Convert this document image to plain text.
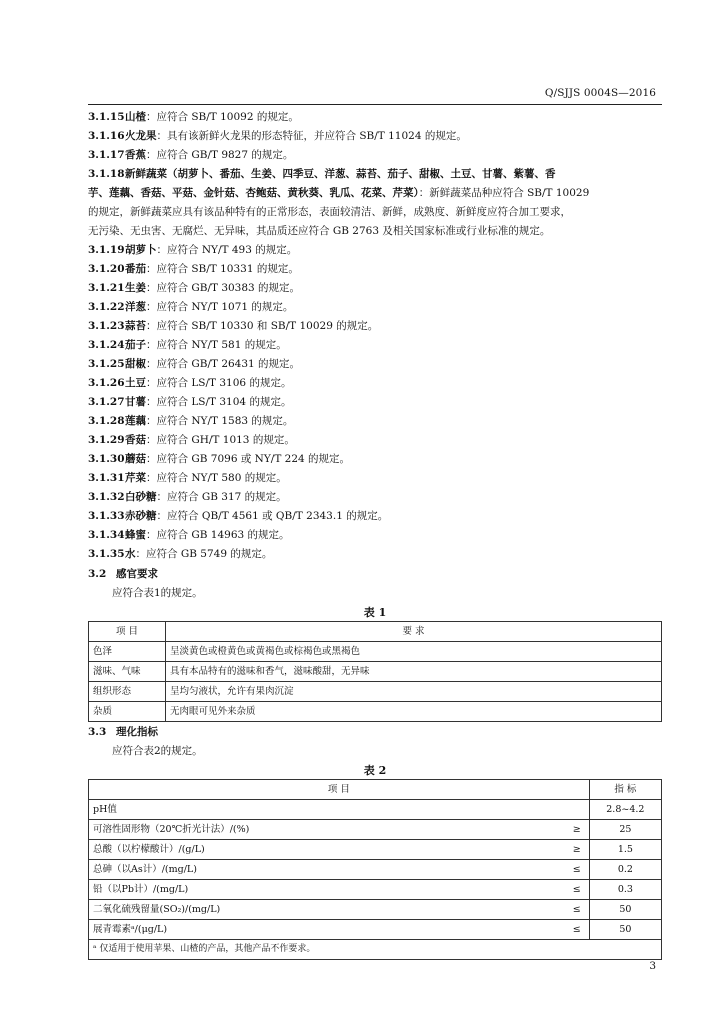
Q/SJJS 0004S—2016
3.1.15山楂：应符合 SB/T 10092 的规定。
3.1.16火龙果：具有该新鲜火龙果的形态特征，并应符合 SB/T 11024 的规定。
3.1.17香蕉：应符合 GB/T 9827 的规定。
3.1.18新鲜蔬菜（胡萝卜、番茄、生姜、四季豆、洋葱、蒜苔、茄子、甜椒、土豆、甘薯、紫薯、香
芋、莲藕、香菇、平菇、金针菇、杏鲍菇、黄秋葵、乳瓜、花菜、芹菜）：新鲜蔬菜品种应符合 SB/T 10029
的规定，新鲜蔬菜应具有该品种特有的正常形态，表面较清洁、新鲜，成熟度、新鲜度应符合加工要求，
无污染、无虫害、无腐烂、无异味，其品质还应符合 GB 2763 及相关国家标准或行业标准的规定。
3.1.19胡萝卜：应符合 NY/T 493 的规定。
3.1.20番茄：应符合 SB/T 10331 的规定。
3.1.21生姜：应符合 GB/T 30383 的规定。
3.1.22洋葱：应符合 NY/T 1071 的规定。
3.1.23蒜苔：应符合 SB/T 10330 和 SB/T 10029 的规定。
3.1.24茄子：应符合 NY/T 581 的规定。
3.1.25甜椒：应符合 GB/T 26431 的规定。
3.1.26土豆：应符合 LS/T 3106 的规定。
3.1.27甘薯：应符合 LS/T 3104 的规定。
3.1.28莲藕：应符合 NY/T 1583 的规定。
3.1.29香菇：应符合 GH/T 1013 的规定。
3.1.30蘑菇：应符合 GB 7096 或 NY/T 224 的规定。
3.1.31芹菜：应符合 NY/T 580 的规定。
3.1.32白砂糖：应符合 GB 317 的规定。
3.1.33赤砂糖：应符合 QB/T 4561 或 QB/T 2343.1 的规定。
3.1.34蜂蜜：应符合 GB 14963 的规定。
3.1.35水：应符合 GB 5749 的规定。
3.2 感官要求
应符合表1的规定。
表 1
项 目	要 求
色泽	呈淡黄色或橙黄色或黄褐色或棕褐色或黑褐色
滋味、气味	具有本品特有的滋味和香气，滋味酸甜，无异味
组织形态	呈均匀液状，允许有果肉沉淀
杂质	无肉眼可见外来杂质
3.3 理化指标
应符合表2的规定。
表 2
项 目	指 标
pH值	2.8~4.2
可溶性固形物（20℃折光计法）/(%) ≥	25
总酸（以柠檬酸计）/(g/L) ≥	1.5
总砷（以As计）/(mg/L) ≤	0.2
铅（以Pb计）/(mg/L) ≤	0.3
二氧化硫残留量(SO₂)/(mg/L) ≤	50
展青霉素ᵃ/(μg/L) ≤	50
ᵃ 仅适用于使用苹果、山楂的产品，其他产品不作要求。	
3
